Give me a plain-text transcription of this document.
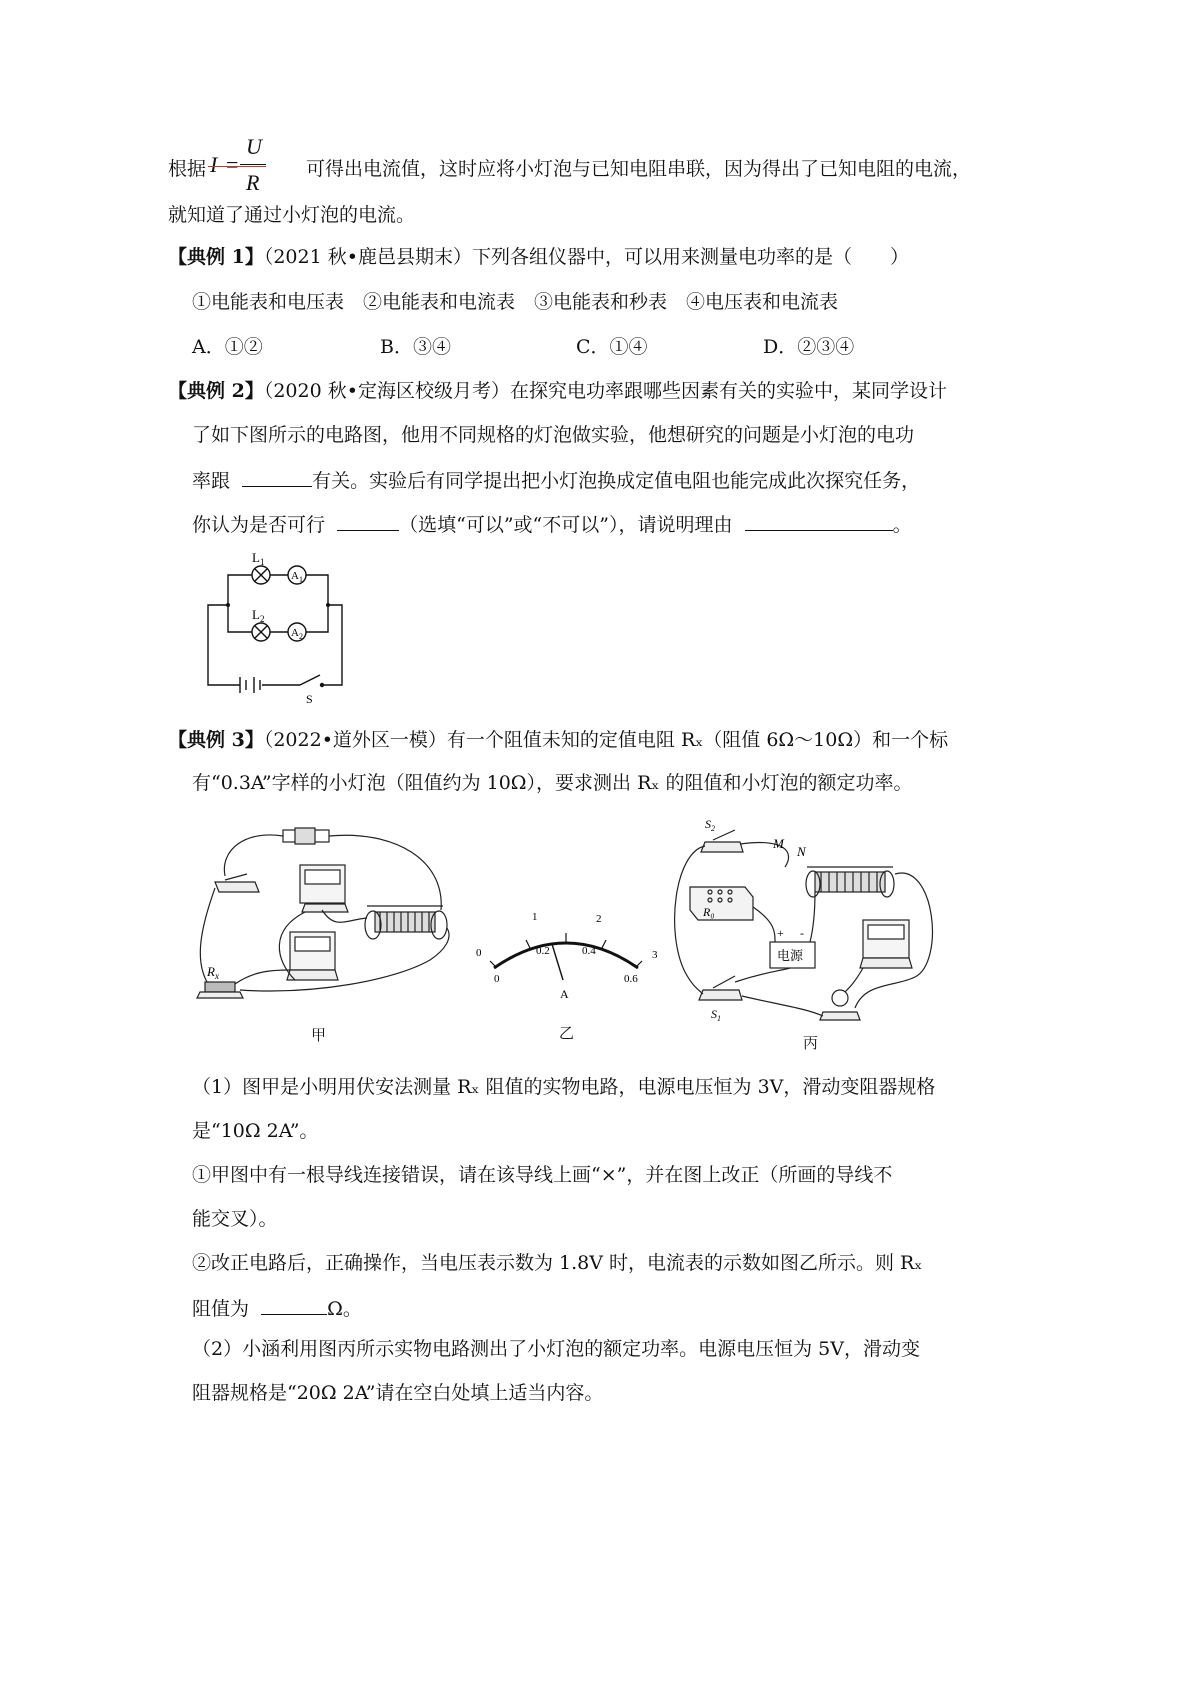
根据	可得出电流值，这时应将小灯泡与已知电阻串联，因为得出了已知电阻的电流，
I =
U
R
就知道了通过小灯泡的电流。
【典例 1】（2021 秋•鹿邑县期末）下列各组仪器中，可以用来测量电功率的是（　　）
①电能表和电压表　②电能表和电流表　③电能表和秒表　④电压表和电流表
A．①②	B．③④	C．①④	D．②③④
【典例 2】（2020 秋•定海区校级月考）在探究电功率跟哪些因素有关的实验中，某同学设计
了如下图所示的电路图，他用不同规格的灯泡做实验，他想研究的问题是小灯泡的电功
率跟	有关。实验后有同学提出把小灯泡换成定值电阻也能完成此次探究任务，
你认为是否可行	（选填“可以”或“不可以”），请说明理由	。
$L_1$
$L_2$
$A_1$
$A_2$
S
【典例 3】（2022•道外区一模）有一个阻值未知的定值电阻 Rₓ（阻值 6Ω～10Ω）和一个标
有“0.3A”字样的小灯泡（阻值约为 10Ω），要求测出 Rₓ 的阻值和小灯泡的额定功率。
$R_x$
甲
0
1	2
3
0
0.2	0.4
0.6
A
乙
$S_2$
M
N
R₀
+ -
电源
$S_1$
丙
（1）图甲是小明用伏安法测量 Rₓ 阻值的实物电路，电源电压恒为 3V，滑动变阻器规格
是“10Ω 2A”。
①甲图中有一根导线连接错误，请在该导线上画“×”，并在图上改正（所画的导线不
能交叉）。
②改正电路后，正确操作，当电压表示数为 1.8V 时，电流表的示数如图乙所示。则 Rₓ
阻值为	Ω。
（2）小涵利用图丙所示实物电路测出了小灯泡的额定功率。电源电压恒为 5V，滑动变
阻器规格是“20Ω 2A”请在空白处填上适当内容。
